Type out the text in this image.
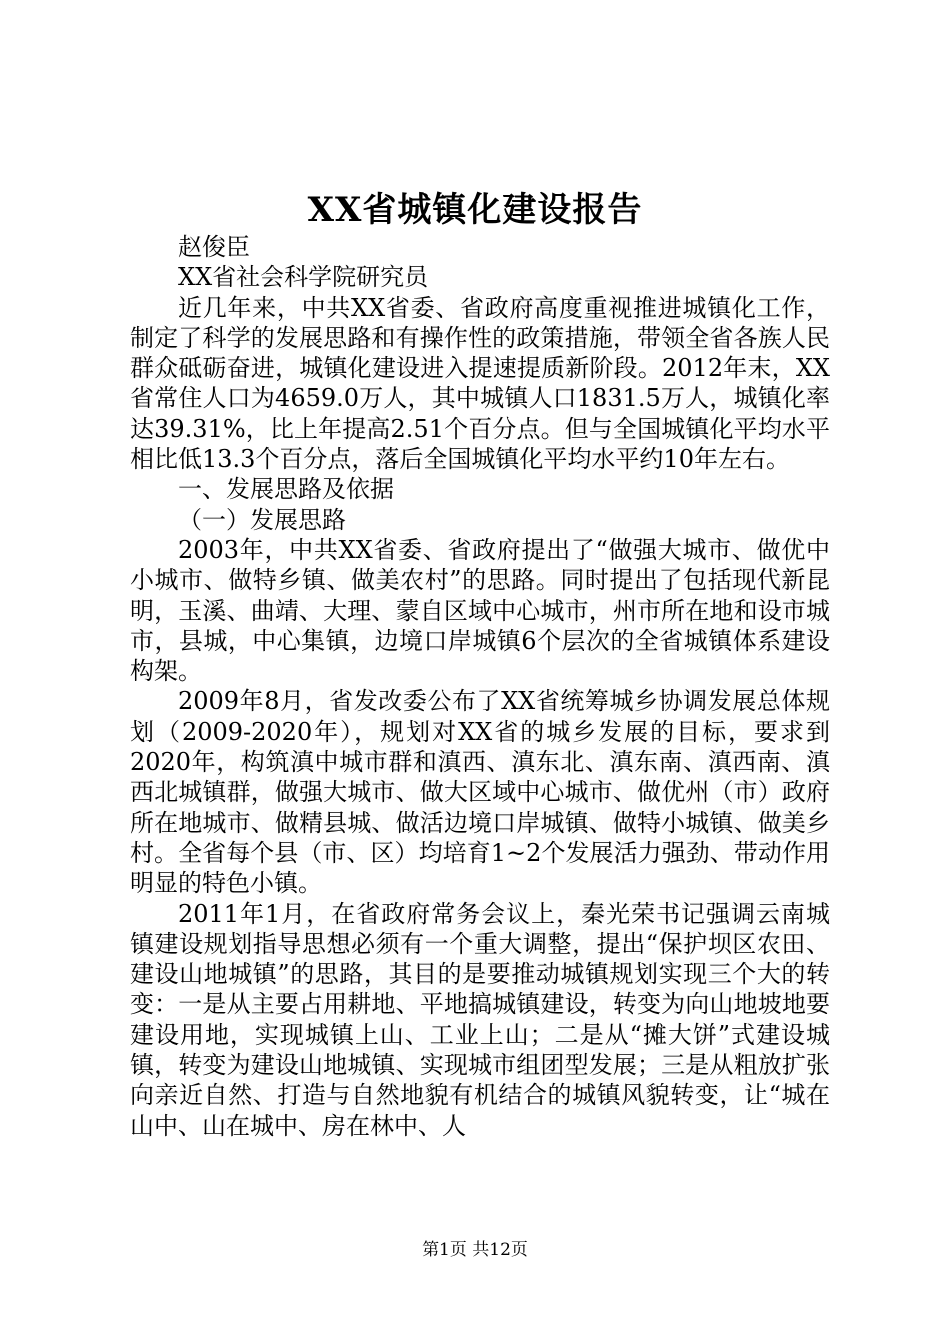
XX省城镇化建设报告

赵俊臣

XX省社会科学院研究员

近几年来，中共XX省委、省政府高度重视推进城镇化工作，制定了科学的发展思路和有操作性的政策措施，带领全省各族人民群众砥砺奋进，城镇化建设进入提速提质新阶段。2012年末，XX省常住人口为4659.0万人，其中城镇人口1831.5万人，城镇化率达39.31%，比上年提高2.51个百分点。但与全国城镇化平均水平相比低13.3个百分点，落后全国城镇化平均水平约10年左右。

一、发展思路及依据

（一）发展思路

2003年，中共XX省委、省政府提出了“做强大城市、做优中小城市、做特乡镇、做美农村”的思路。同时提出了包括现代新昆明，玉溪、曲靖、大理、蒙自区域中心城市，州市所在地和设市城市，县城，中心集镇，边境口岸城镇6个层次的全省城镇体系建设构架。

2009年8月，省发改委公布了XX省统筹城乡协调发展总体规划（2009-2020年），规划对XX省的城乡发展的目标，要求到2020年，构筑滇中城市群和滇西、滇东北、滇东南、滇西南、滇西北城镇群，做强大城市、做大区域中心城市、做优州（市）政府所在地城市、做精县城、做活边境口岸城镇、做特小城镇、做美乡村。全省每个县（市、区）均培育1~2个发展活力强劲、带动作用明显的特色小镇。

2011年1月，在省政府常务会议上，秦光荣书记强调云南城镇建设规划指导思想必须有一个重大调整，提出“保护坝区农田、建设山地城镇”的思路，其目的是要推动城镇规划实现三个大的转变：一是从主要占用耕地、平地搞城镇建设，转变为向山地坡地要建设用地，实现城镇上山、工业上山；二是从“摊大饼”式建设城镇，转变为建设山地城镇、实现城市组团型发展；三是从粗放扩张向亲近自然、打造与自然地貌有机结合的城镇风貌转变，让“城在山中、山在城中、房在林中、人

第1页 共12页
